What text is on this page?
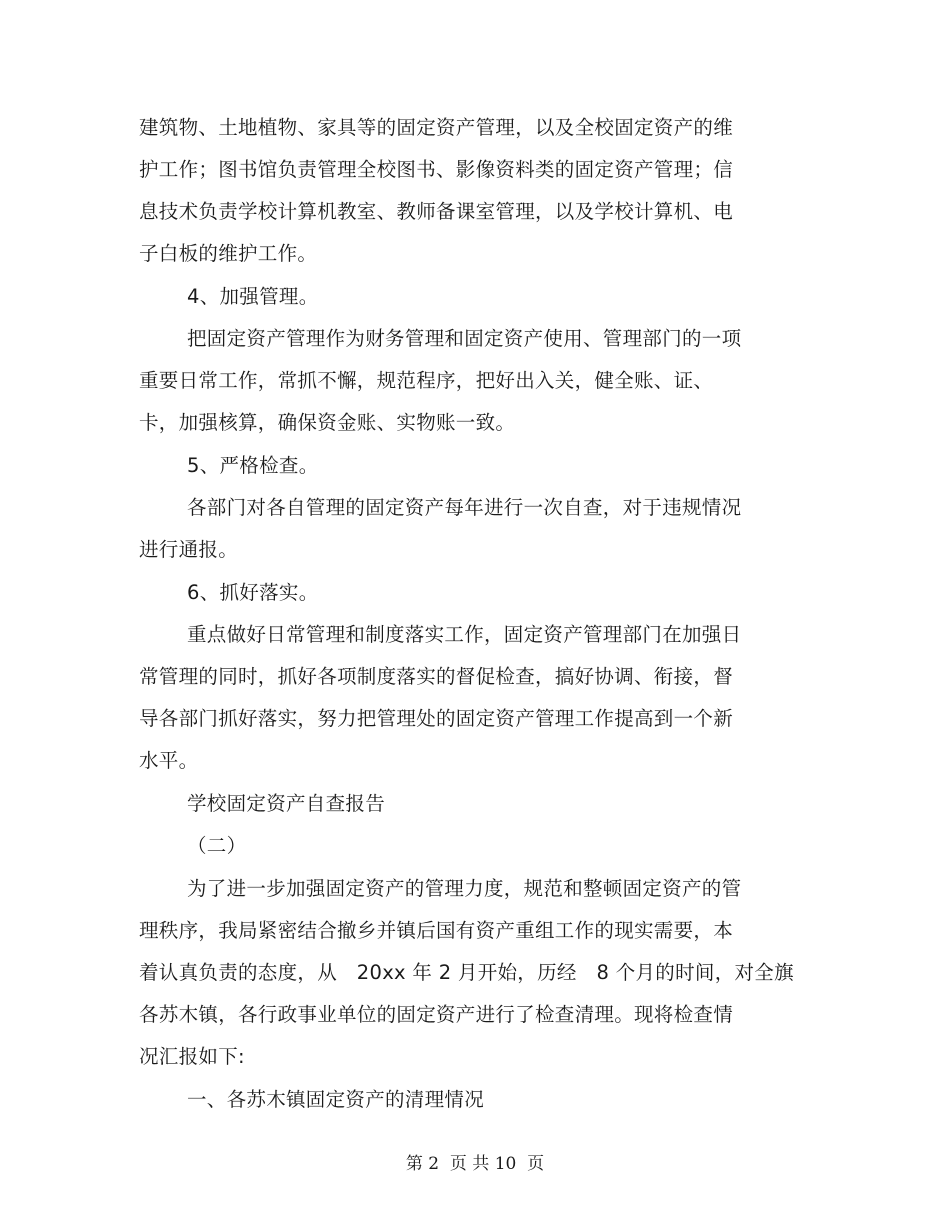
建筑物、土地植物、家具等的固定资产管理，以及全校固定资产的维
护工作；图书馆负责管理全校图书、影像资料类的固定资产管理；信
息技术负责学校计算机教室、教师备课室管理，以及学校计算机、电
子白板的维护工作。
4、加强管理。
把固定资产管理作为财务管理和固定资产使用、管理部门的一项
重要日常工作，常抓不懈，规范程序，把好出入关，健全账、证、
卡，加强核算，确保资金账、实物账一致。
5、严格检查。
各部门对各自管理的固定资产每年进行一次自查，对于违规情况
进行通报。
6、抓好落实。
重点做好日常管理和制度落实工作，固定资产管理部门在加强日
常管理的同时，抓好各项制度落实的督促检查，搞好协调、衔接，督
导各部门抓好落实，努力把管理处的固定资产管理工作提高到一个新
水平。
学校固定资产自查报告
（二）
为了进一步加强固定资产的管理力度，规范和整顿固定资产的管
理秩序，我局紧密结合撤乡并镇后国有资产重组工作的现实需要，本
着认真负责的态度，从　20xx 年 2 月开始，历经　8 个月的时间，对全旗
各苏木镇，各行政事业单位的固定资产进行了检查清理。现将检查情
况汇报如下:
一、各苏木镇固定资产的清理情况
第 2  页 共 10  页
